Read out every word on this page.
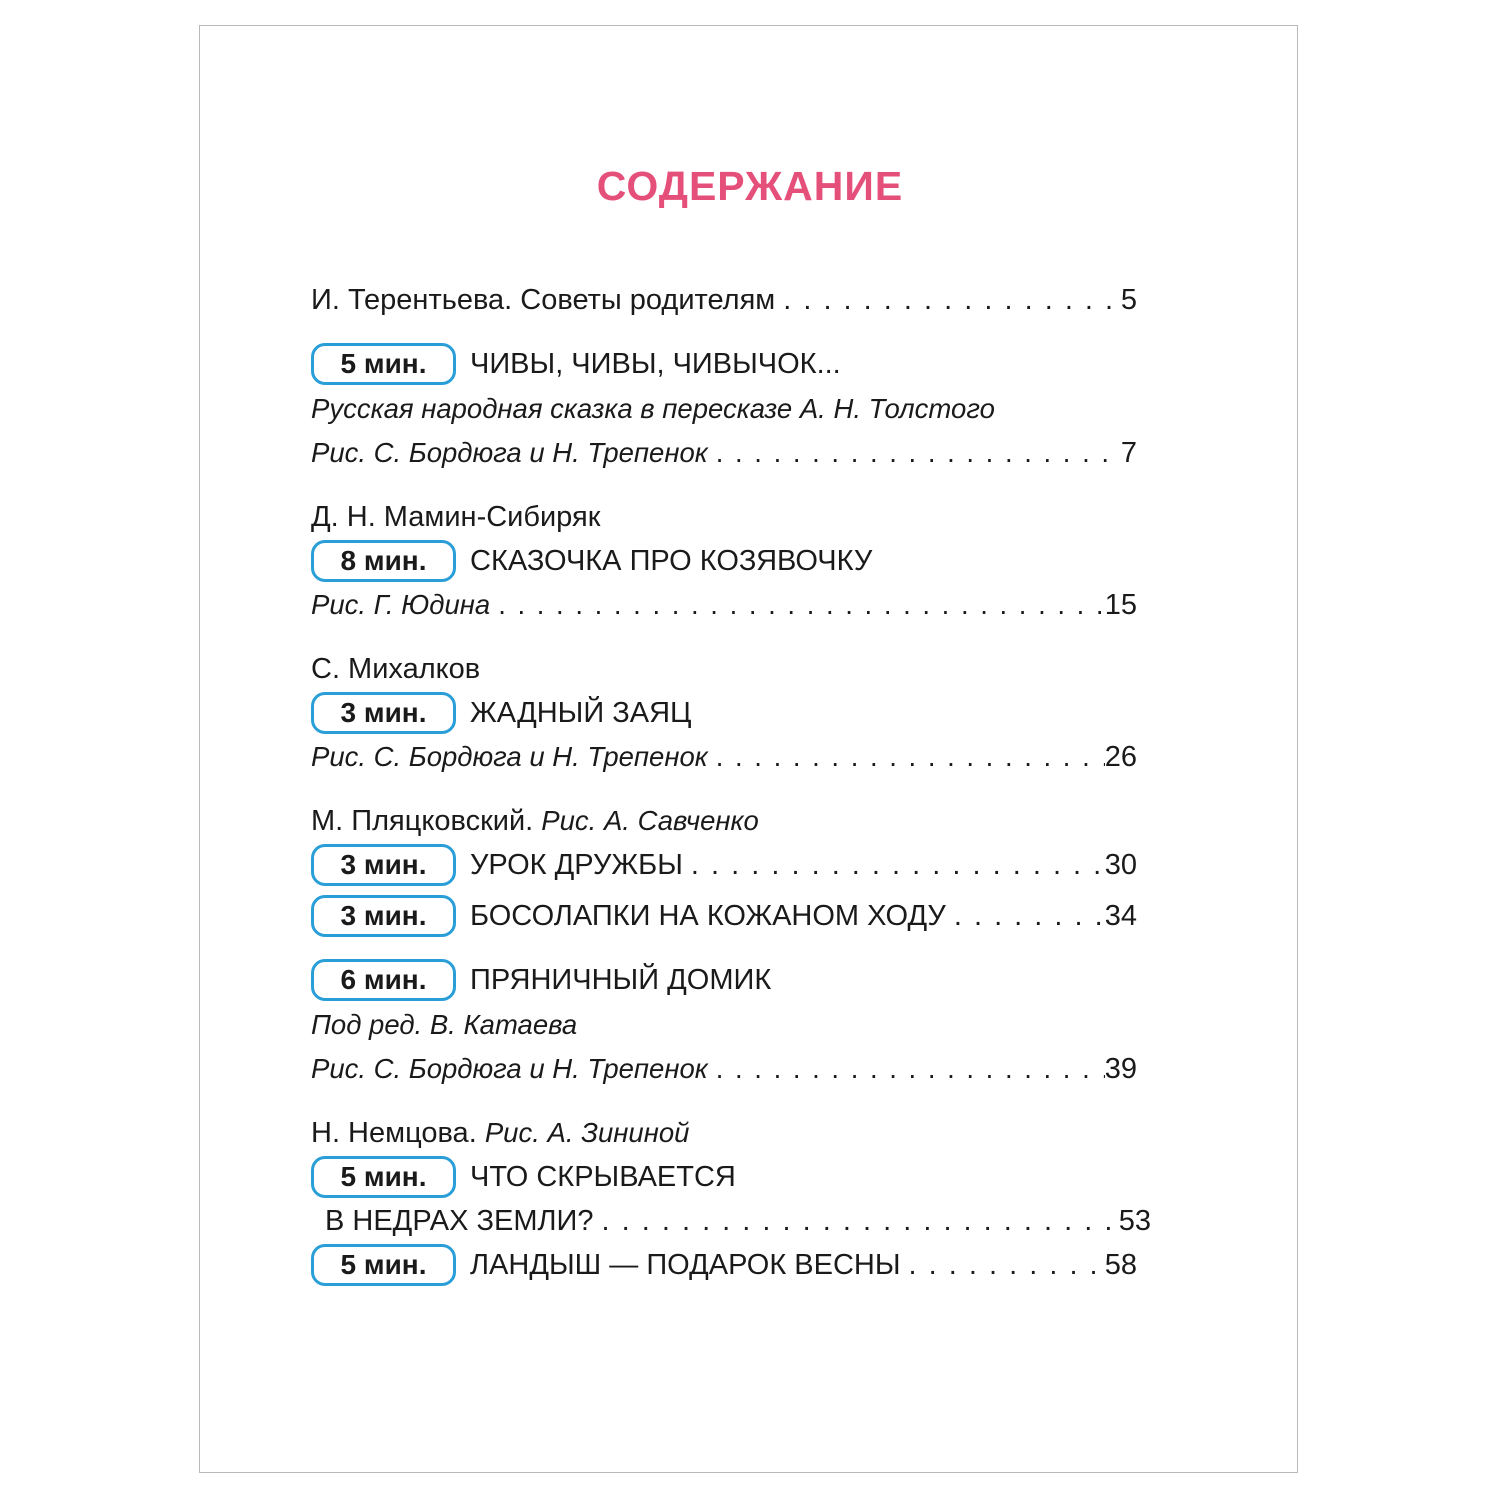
СОДЕРЖАНИЕ
И. Терентьева. Советы родителям . . .	5
5 мин.	ЧИВЫ, ЧИВЫ, ЧИВЫЧОК...
Русская народная сказка в пересказе А. Н. Толстого
Рис. С. Бордюга и Н. Трепенок . . .	7
Д. Н. Мамин-Сибиряк
8 мин.	СКАЗОЧКА ПРО КОЗЯВОЧКУ
Рис. Г. Юдина . . .	15
С. Михалков
3 мин.	ЖАДНЫЙ ЗАЯЦ
Рис. С. Бордюга и Н. Трепенок . . .	26
М. Пляцковский.
Рис. А. Савченко
3 мин.	УРОК ДРУЖБЫ . . .	30
3 мин.	БОСОЛАПКИ НА КОЖАНОМ ХОДУ . . .	34
6 мин.	ПРЯНИЧНЫЙ ДОМИК
Под ред. В. Катаева
Рис. С. Бордюга и Н. Трепенок . . .	39
Н. Немцова.
Рис. А. Зининой
5 мин.	ЧТО СКРЫВАЕТСЯ
В НЕДРАХ ЗЕМЛИ? . . .	53
5 мин.	ЛАНДЫШ — ПОДАРОК ВЕСНЫ . . .	58
